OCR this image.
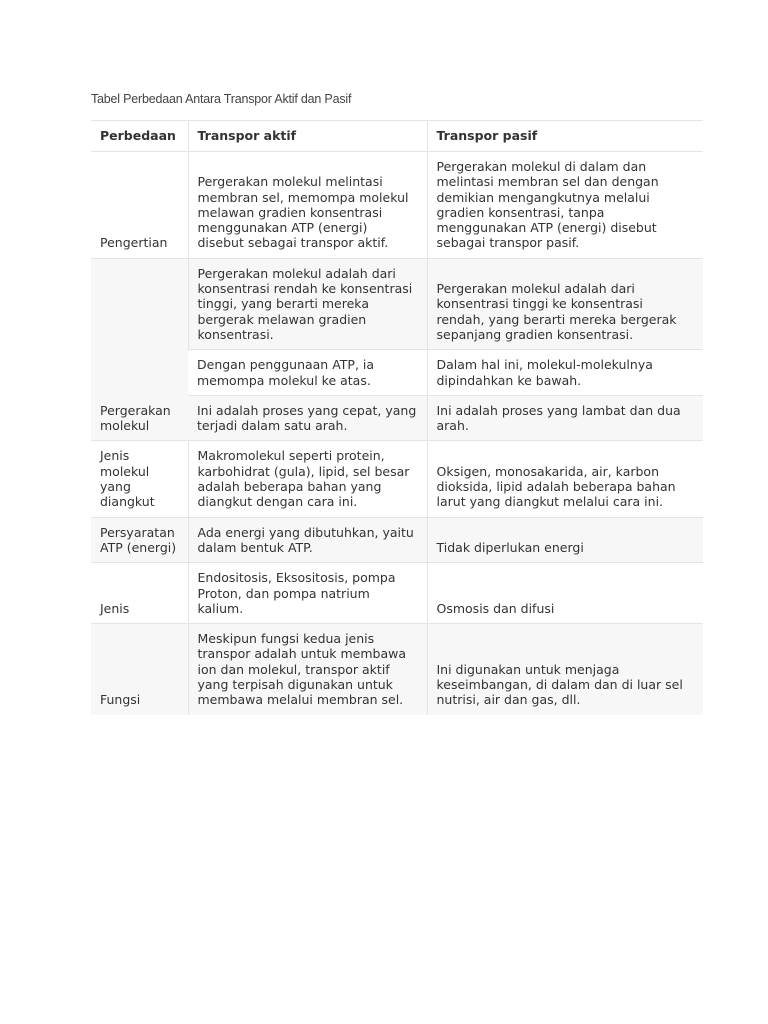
Tabel Perbedaan Antara Transpor Aktif dan Pasif
Perbedaan	Transpor aktif	Transpor pasif
Pengertian	Pergerakan molekul melintasi membran sel, memompa molekul melawan gradien konsentrasi menggunakan ATP (energi) disebut sebagai transpor aktif.	Pergerakan molekul di dalam dan melintasi membran sel dan dengan demikian mengangkutnya melalui gradien konsentrasi, tanpa menggunakan ATP (energi) disebut sebagai transpor pasif.
Pergerakan molekul	Pergerakan molekul adalah dari konsentrasi rendah ke konsentrasi tinggi, yang berarti mereka bergerak melawan gradien konsentrasi.	Pergerakan molekul adalah dari konsentrasi tinggi ke konsentrasi rendah, yang berarti mereka bergerak sepanjang gradien konsentrasi.
	Dengan penggunaan ATP, ia memompa molekul ke atas.	Dalam hal ini, molekul-molekulnya dipindahkan ke bawah.
	Ini adalah proses yang cepat, yang terjadi dalam satu arah.	Ini adalah proses yang lambat dan dua arah.
Jenis molekul yang diangkut	Makromolekul seperti protein, karbohidrat (gula), lipid, sel besar adalah beberapa bahan yang diangkut dengan cara ini.	Oksigen, monosakarida, air, karbon dioksida, lipid adalah beberapa bahan larut yang diangkut melalui cara ini.
Persyaratan ATP (energi)	Ada energi yang dibutuhkan, yaitu dalam bentuk ATP.	Tidak diperlukan energi
Jenis	Endositosis, Eksositosis, pompa Proton, dan pompa natrium kalium.	Osmosis dan difusi
Fungsi	Meskipun fungsi kedua jenis transpor adalah untuk membawa ion dan molekul, transpor aktif yang terpisah digunakan untuk membawa melalui membran sel.	Ini digunakan untuk menjaga keseimbangan, di dalam dan di luar sel nutrisi, air dan gas, dll.
